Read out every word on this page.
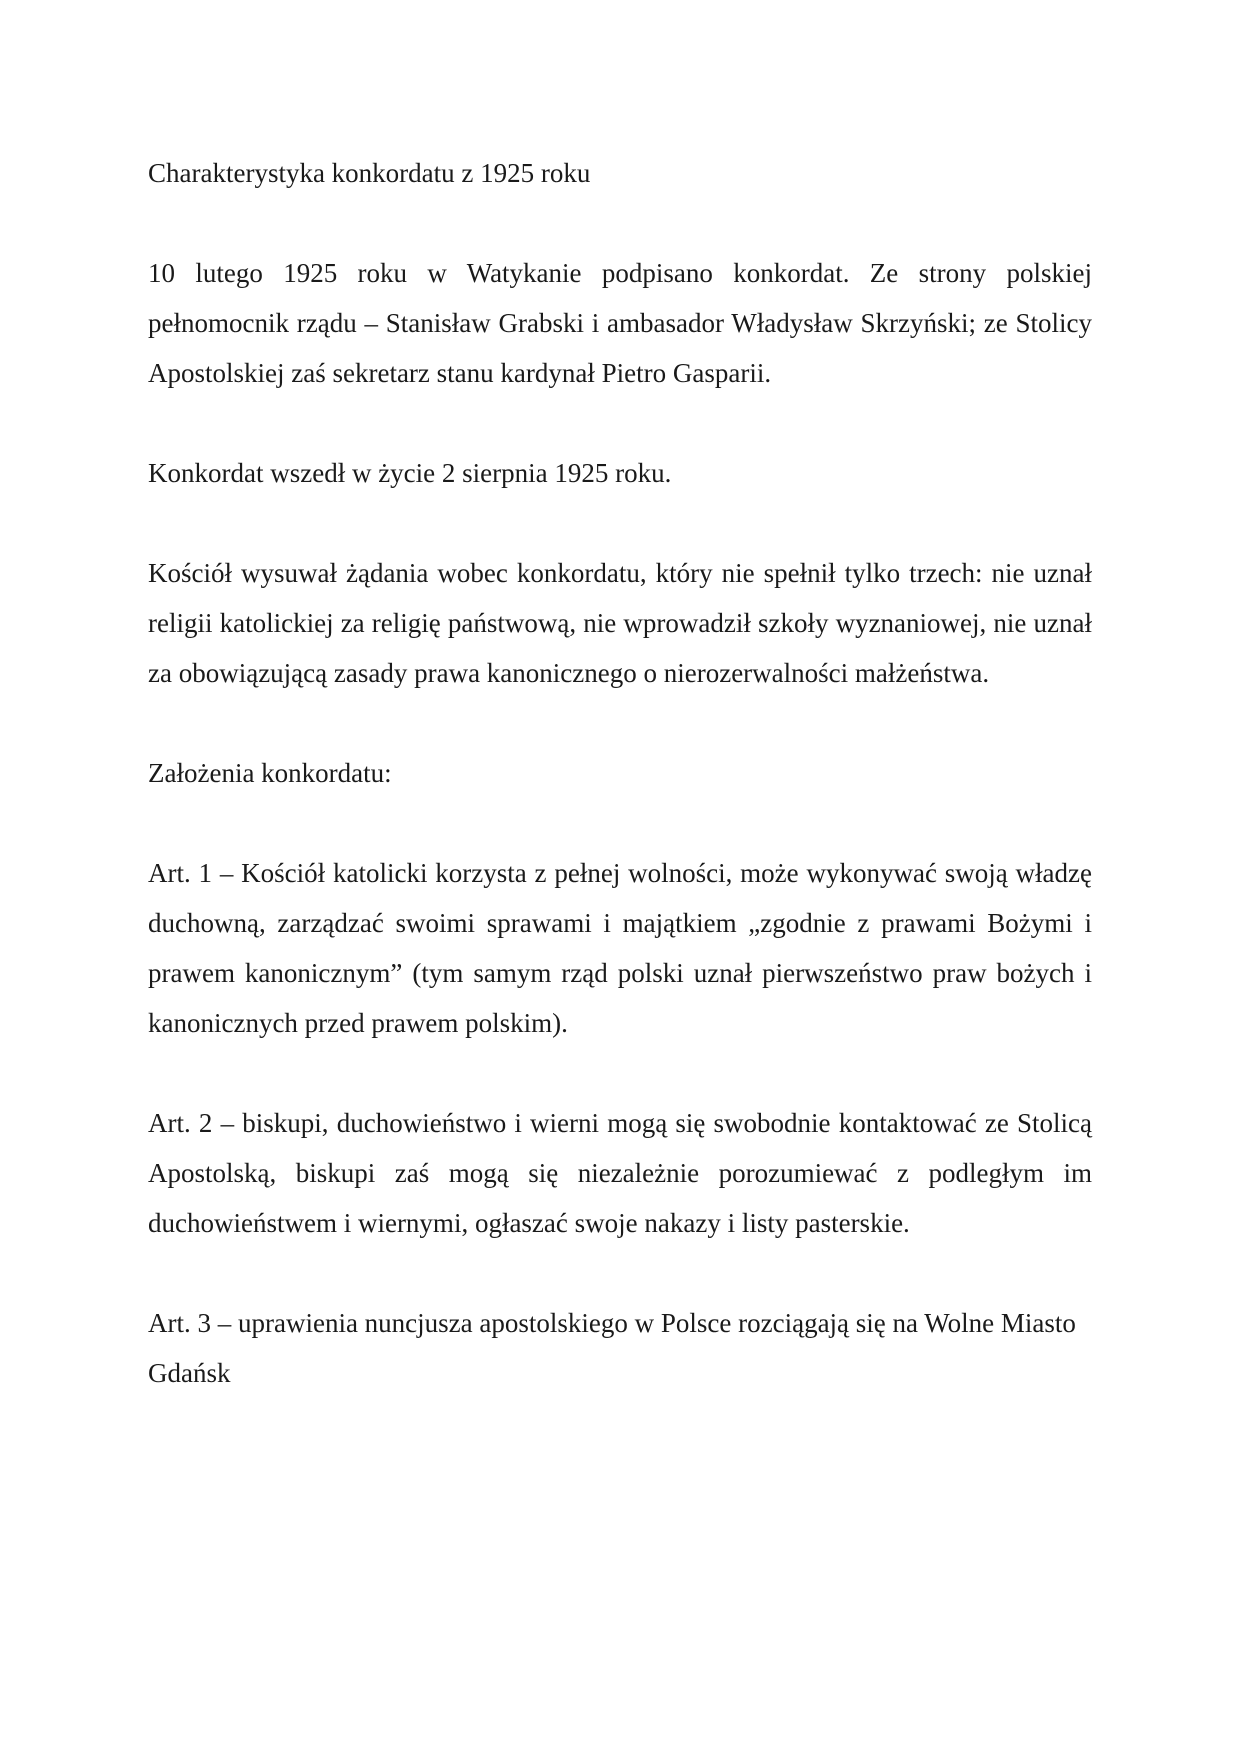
Charakterystyka konkordatu z 1925 roku

10 lutego 1925 roku w Watykanie podpisano konkordat. Ze strony polskiej pełnomocnik rządu – Stanisław Grabski i ambasador Władysław Skrzyński; ze Stolicy Apostolskiej zaś sekretarz stanu kardynał Pietro Gasparii.

Konkordat wszedł w życie 2 sierpnia 1925 roku.

Kościół wysuwał żądania wobec konkordatu, który nie spełnił tylko trzech: nie uznał religii katolickiej za religię państwową, nie wprowadził szkoły wyznaniowej, nie uznał za obowiązującą zasady prawa kanonicznego o nierozerwalności małżeństwa.

Założenia konkordatu:

Art. 1 – Kościół katolicki korzysta z pełnej wolności, może wykonywać swoją władzę duchowną, zarządzać swoimi sprawami i majątkiem „zgodnie z prawami Bożymi i prawem kanonicznym” (tym samym rząd polski uznał pierwszeństwo praw bożych i kanonicznych przed prawem polskim).

Art. 2 – biskupi, duchowieństwo i wierni mogą się swobodnie kontaktować ze Stolicą Apostolską, biskupi zaś mogą się niezależnie porozumiewać z podległym im duchowieństwem i wiernymi, ogłaszać swoje nakazy i listy pasterskie.

Art. 3 – uprawienia nuncjusza apostolskiego w Polsce rozciągają się na Wolne Miasto Gdańsk
